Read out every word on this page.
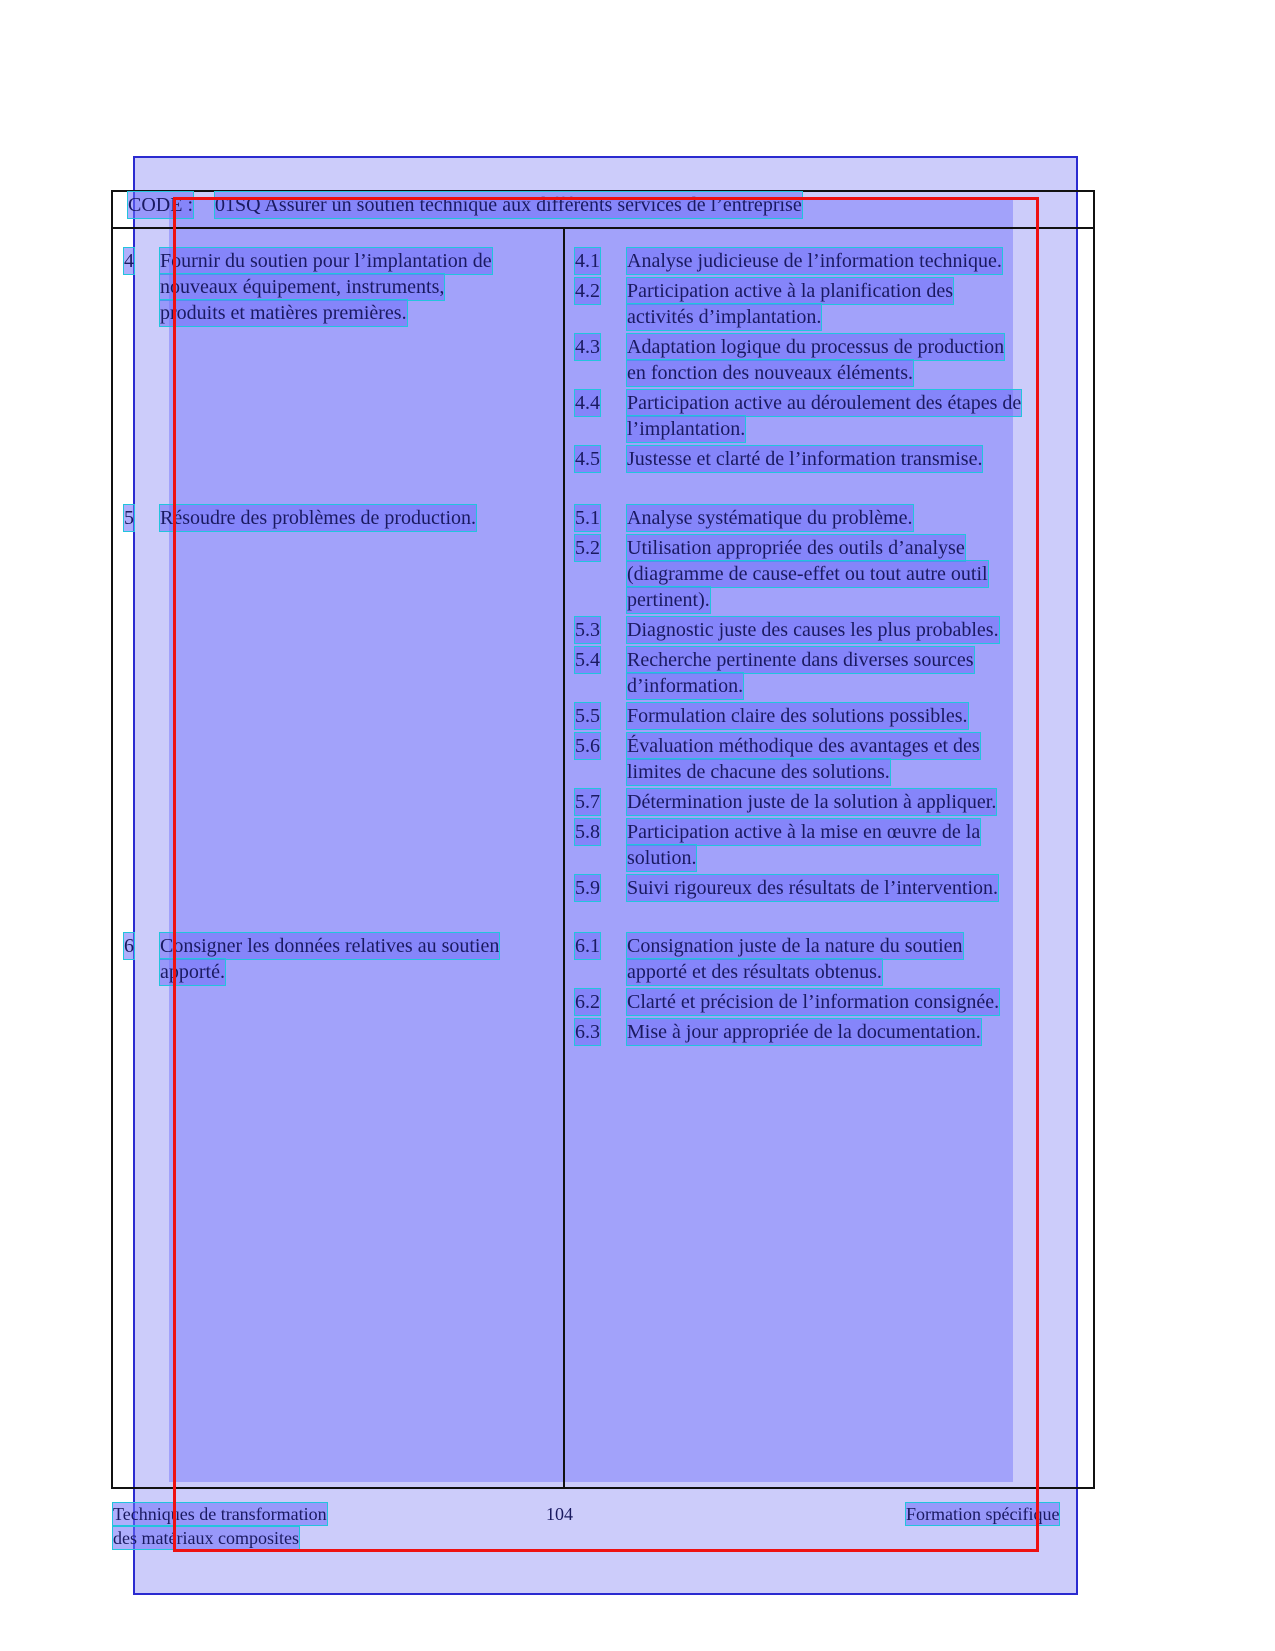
CODE : 01SQ Assurer un soutien technique aux différents services de l’entreprise
4 Fournir du soutien pour l’implantation de
nouveaux équipement, instruments,
produits et matières premières.
4.1 Analyse judicieuse de l’information technique.
4.2 Participation active à la planification des
activités d’implantation.
4.3 Adaptation logique du processus de production
en fonction des nouveaux éléments.
4.4 Participation active au déroulement des étapes de
l’implantation.
4.5 Justesse et clarté de l’information transmise.
5 Résoudre des problèmes de production.	5.1 Analyse systématique du problème.
5.2 Utilisation appropriée des outils d’analyse
(diagramme de cause-effet ou tout autre outil
pertinent).
5.3 Diagnostic juste des causes les plus probables.
5.4 Recherche pertinente dans diverses sources
d’information.
5.5 Formulation claire des solutions possibles.
5.6 Évaluation méthodique des avantages et des
limites de chacune des solutions.
5.7 Détermination juste de la solution à appliquer.
5.8 Participation active à la mise en œuvre de la
solution.
5.9 Suivi rigoureux des résultats de l’intervention.
6 Consigner les données relatives au soutien
apporté.
6.1 Consignation juste de la nature du soutien
apporté et des résultats obtenus.
6.2 Clarté et précision de l’information consignée.
6.3 Mise à jour appropriée de la documentation.
Techniques de transformation
des matériaux composites
104	Formation spécifique
